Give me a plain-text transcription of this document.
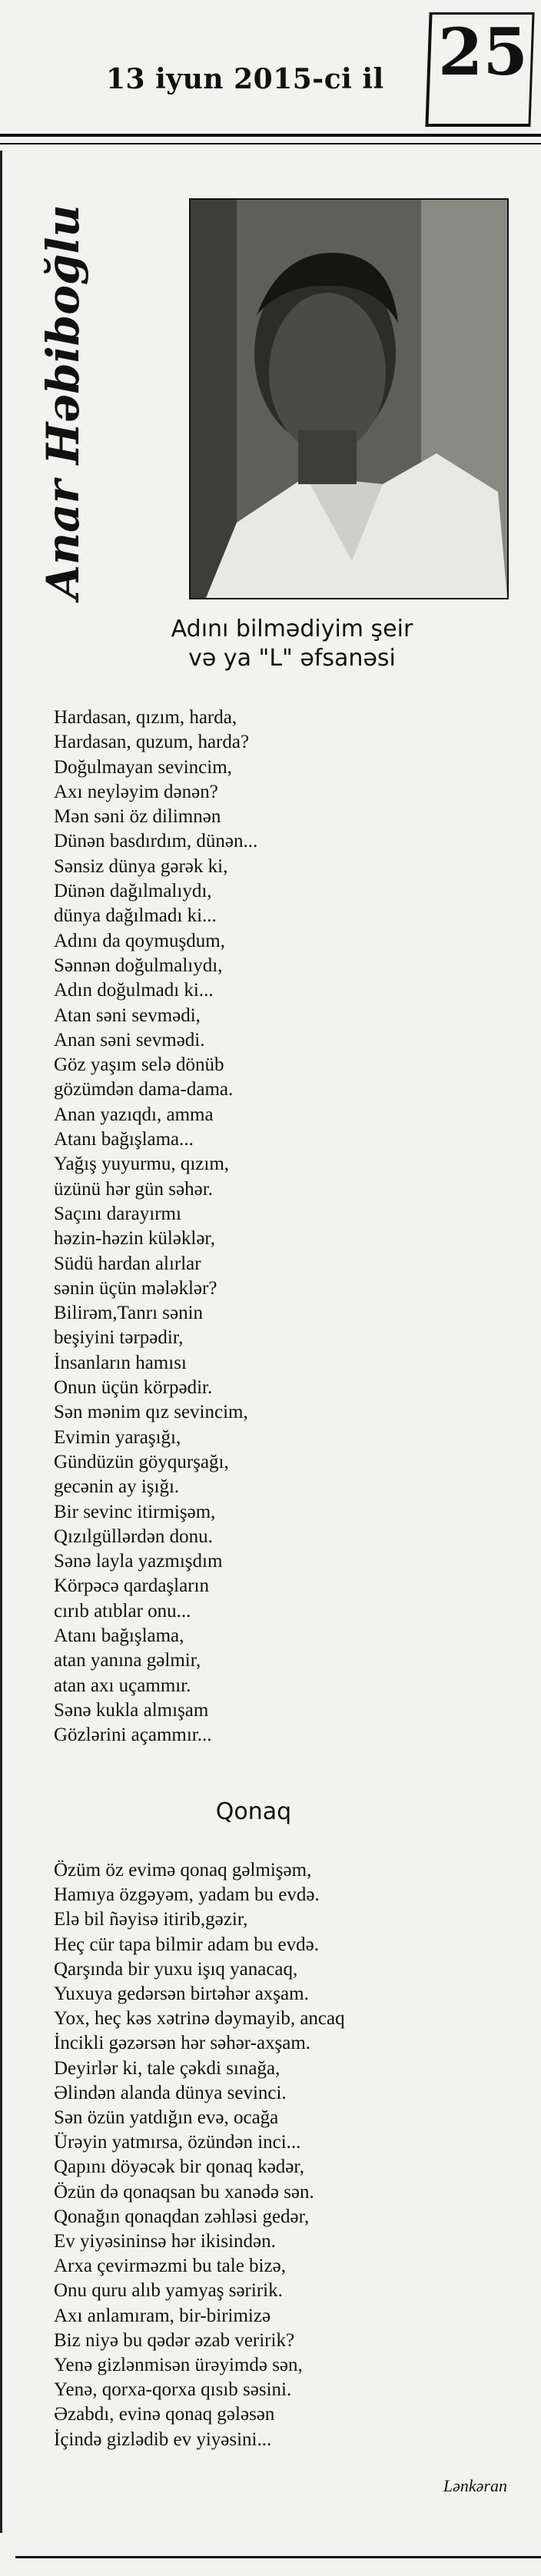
13 iyun 2015-ci il 25
Anar Həbiboğlu
Adını bilmədiyim şeir
və ya "L" əfsanəsi
Hardasan, qızım, harda,
Hardasan, quzum, harda?
Doğulmayan sevincim,
Axı neyləyim dənən?
Mən səni öz dilimnən
Dünən basdırdım, dünən...
Sənsiz dünya gərək ki,
Dünən dağılmalıydı,
dünya dağılmadı ki...
Adını da qoymuşdum,
Sənnən doğulmalıydı,
Adın doğulmadı ki...
Atan səni sevmədi,
Anan səni sevmədi.
Göz yaşım selə dönüb
gözümdən dama-dama.
Anan yazıqdı, amma
Atanı bağışlama...
Yağış yuyurmu, qızım,
üzünü hər gün səhər.
Saçını darayırmı
həzin-həzin küləklər,
Südü hardan alırlar
sənin üçün mələklər?
Bilirəm,Tanrı sənin
beşiyini tərpədir,
İnsanların hamısı
Onun üçün körpədir.
Sən mənim qız sevincim,
Evimin yaraşığı,
Gündüzün göyqurşağı,
gecənin ay işığı.
Bir sevinc itirmişəm,
Qızılgüllərdən donu.
Sənə layla yazmışdım
Körpəcə qardaşların
cırıb atıblar onu...
Atanı bağışlama,
atan yanına gəlmir,
atan axı uçammır.
Sənə kukla almışam
Gözlərini açammır...
Qonaq
Özüm öz evimə qonaq gəlmişəm,
Hamıya özgəyəm, yadam bu evdə.
Elə bil ñəyisə itirib,gəzir,
Heç cür tapa bilmir adam bu evdə.
Qarşında bir yuxu işıq yanacaq,
Yuxuya gedərsən birtəhər axşam.
Yox, heç kəs xətrinə dəymayib, ancaq
İncikli gəzərsən hər səhər-axşam.
Deyirlər ki, tale çəkdi sınağa,
Əlindən alanda dünya sevinci.
Sən özün yatdığın evə, ocağa
Ürəyin yatmırsa, özündən inci...
Qapını döyəcək bir qonaq kədər,
Özün də qonaqsan bu xanədə sən.
Qonağın qonaqdan zəhləsi gedər,
Ev yiyəsininsə hər ikisindən.
Arxa çevirməzmi bu tale bizə,
Onu quru alıb yamyaş səririk.
Axı anlamıram, bir-birimizə
Biz niyə bu qədər əzab veririk?
Yenə gizlənmisən ürəyimdə sən,
Yenə, qorxa-qorxa qısıb səsini.
Əzabdı, evinə qonaq gələsən
İçində gizlədib ev yiyəsini...
Lənkəran
